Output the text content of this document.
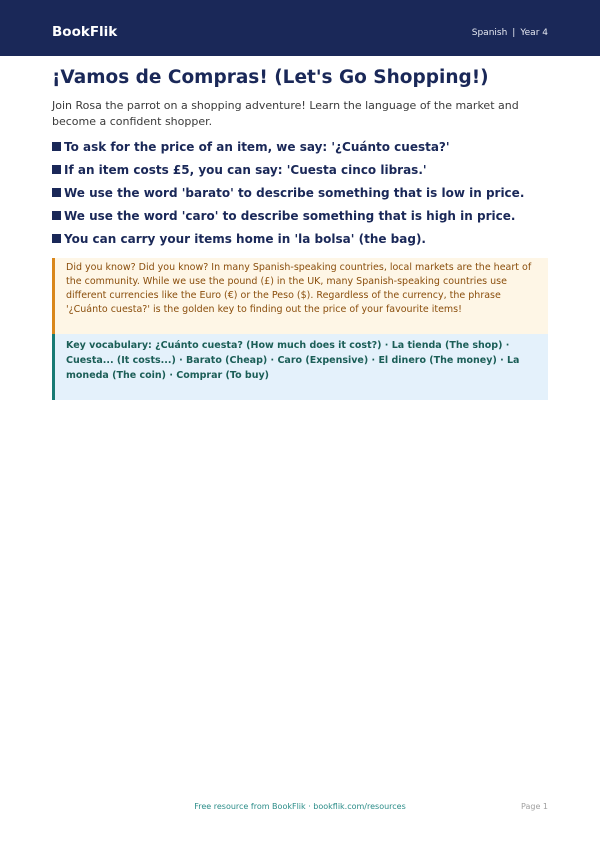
BookFlik	Spanish | Year 4
¡Vamos de Compras! (Let's Go Shopping!)

Join Rosa the parrot on a shopping adventure! Learn the language of the market and become a confident shopper.

To ask for the price of an item, we say: '¿Cuánto cuesta?'
If an item costs £5, you can say: 'Cuesta cinco libras.'
We use the word 'barato' to describe something that is low in price.
We use the word 'caro' to describe something that is high in price.
You can carry your items home in 'la bolsa' (the bag).

Did you know? Did you know? In many Spanish-speaking countries, local markets are the heart of the community. While we use the pound (£) in the UK, many Spanish-speaking countries use different currencies like the Euro (€) or the Peso ($). Regardless of the currency, the phrase '¿Cuánto cuesta?' is the golden key to finding out the price of your favourite items!

Key vocabulary: ¿Cuánto cuesta? (How much does it cost?) · La tienda (The shop) · Cuesta... (It costs...) · Barato (Cheap) · Caro (Expensive) · El dinero (The money) · La moneda (The coin) · Comprar (To buy)

Free resource from BookFlik · bookflik.com/resources	Page 1
